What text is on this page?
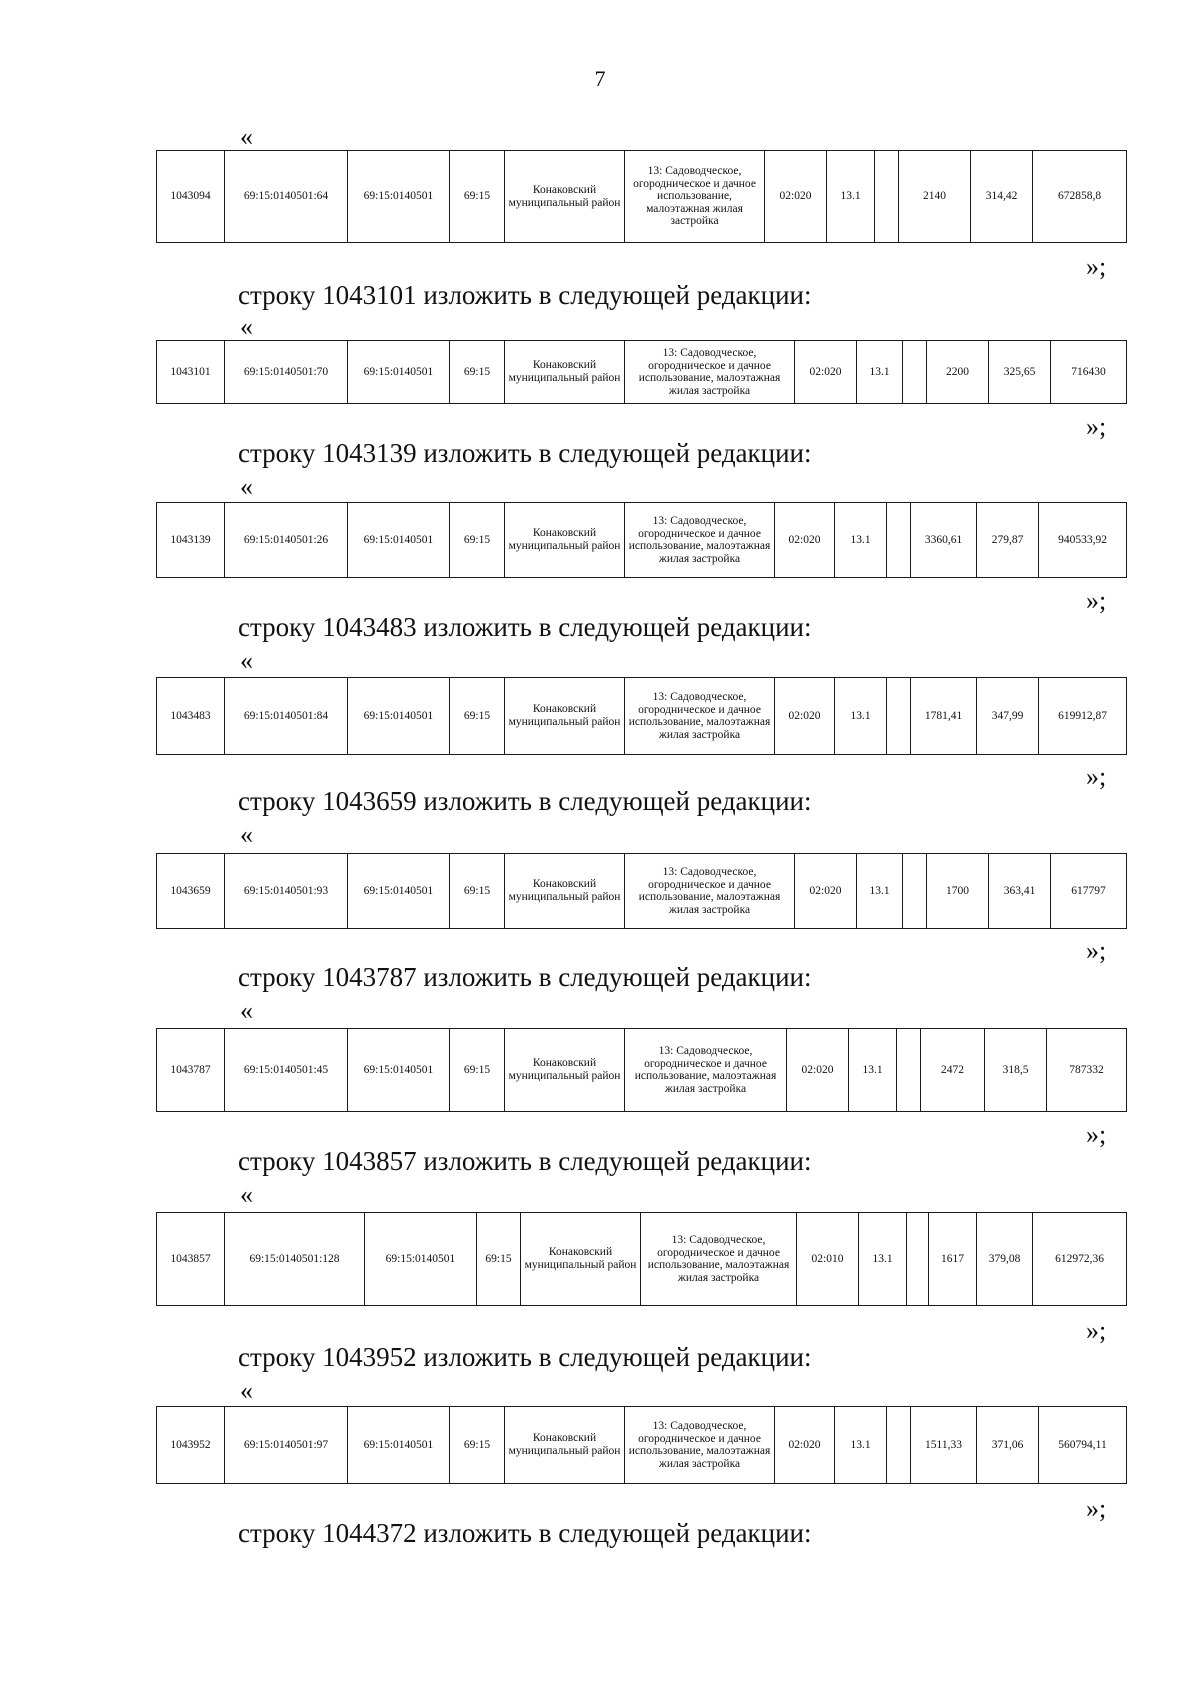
7
«
1043094	69:15:0140501:64	69:15:0140501	69:15	Конаковский муниципальный район	13: Садоводческое, огородническое и дачное использование, малоэтажная жилая застройка	02:020	13.1		2140	314,42	672858,8
»;
строку 1043101 изложить в следующей редакции:
«
1043101	69:15:0140501:70	69:15:0140501	69:15	Конаковский муниципальный район	13: Садоводческое, огородническое и дачное использование, малоэтажная жилая застройка	02:020	13.1		2200	325,65	716430
»;
строку 1043139 изложить в следующей редакции:
«
1043139	69:15:0140501:26	69:15:0140501	69:15	Конаковский муниципальный район	13: Садоводческое, огородническое и дачное использование, малоэтажная жилая застройка	02:020	13.1		3360,61	279,87	940533,92
»;
строку 1043483 изложить в следующей редакции:
«
1043483	69:15:0140501:84	69:15:0140501	69:15	Конаковский муниципальный район	13: Садоводческое, огородническое и дачное использование, малоэтажная жилая застройка	02:020	13.1		1781,41	347,99	619912,87
»;
строку 1043659 изложить в следующей редакции:
«
1043659	69:15:0140501:93	69:15:0140501	69:15	Конаковский муниципальный район	13: Садоводческое, огородническое и дачное использование, малоэтажная жилая застройка	02:020	13.1		1700	363,41	617797
»;
строку 1043787 изложить в следующей редакции:
«
1043787	69:15:0140501:45	69:15:0140501	69:15	Конаковский муниципальный район	13: Садоводческое, огородническое и дачное использование, малоэтажная жилая застройка	02:020	13.1		2472	318,5	787332
»;
строку 1043857 изложить в следующей редакции:
«
1043857	69:15:0140501:128	69:15:0140501	69:15	Конаковский муниципальный район	13: Садоводческое, огородническое и дачное использование, малоэтажная жилая застройка	02:010	13.1		1617	379,08	612972,36
»;
строку 1043952 изложить в следующей редакции:
«
1043952	69:15:0140501:97	69:15:0140501	69:15	Конаковский муниципальный район	13: Садоводческое, огородническое и дачное использование, малоэтажная жилая застройка	02:020	13.1		1511,33	371,06	560794,11
»;
строку 1044372 изложить в следующей редакции:
